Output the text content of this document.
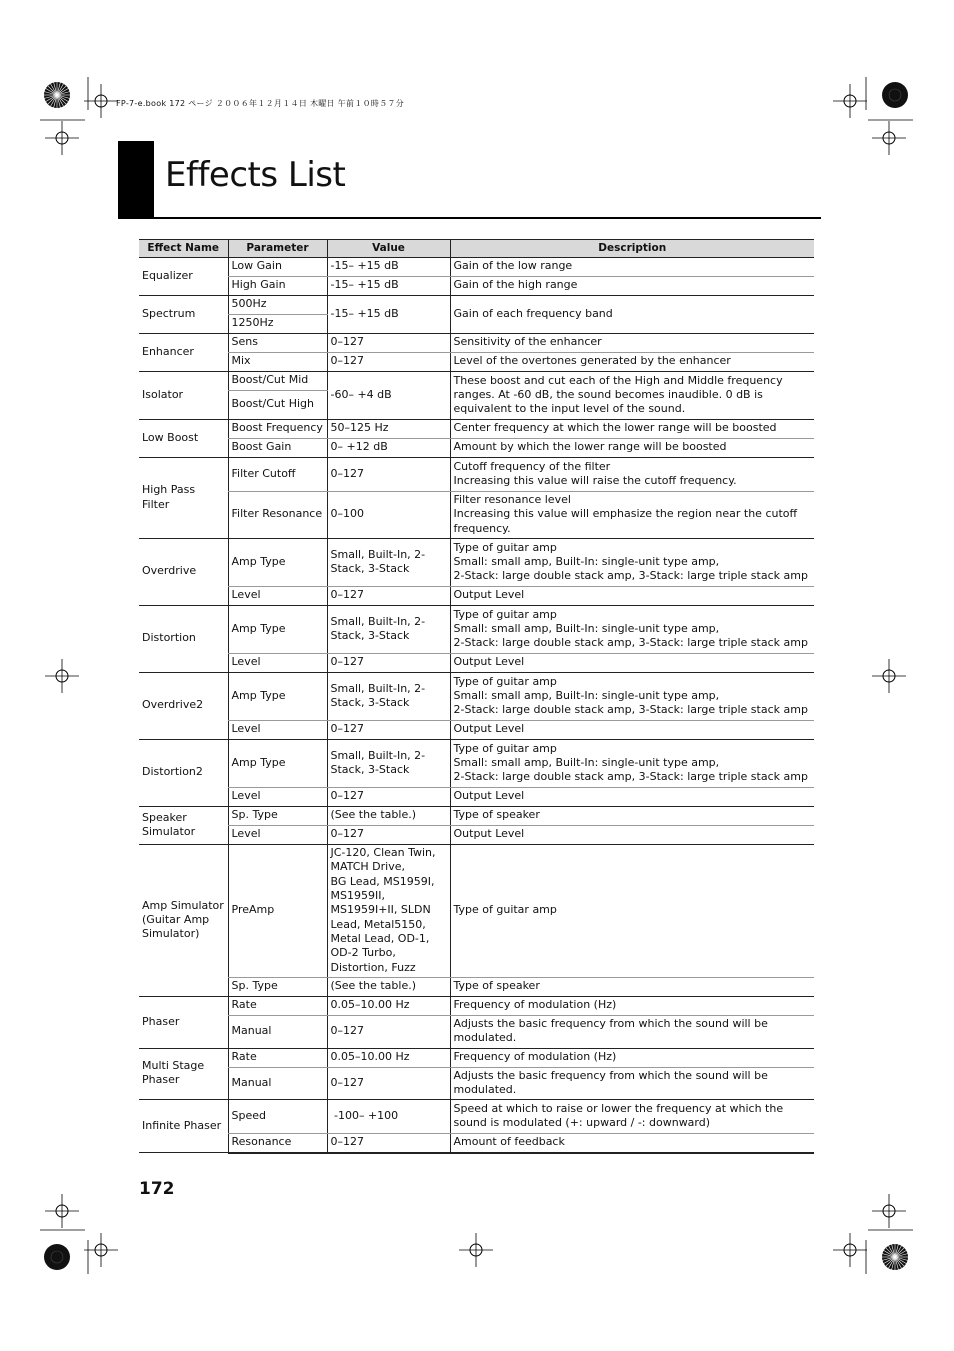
FP-7-e.book 172 ページ ２００６年１２月１４日 木曜日 午前１０時５７分
Effects List
Effect Name	Parameter	Value	Description
Equalizer	Low Gain	-15– +15 dB	Gain of the low range
	High Gain	-15– +15 dB	Gain of the high range
Spectrum	500Hz	-15– +15 dB	Gain of each frequency band
	1250Hz		
Enhancer	Sens	0–127	Sensitivity of the enhancer
	Mix	0–127	Level of the overtones generated by the enhancer
Isolator	Boost/Cut Mid	-60– +4 dB	These boost and cut each of the High and Middle frequency ranges. At -60 dB, the sound becomes inaudible. 0 dB is equivalent to the input level of the sound.
	Boost/Cut High		
Low Boost	Boost Frequency	50–125 Hz	Center frequency at which the lower range will be boosted
	Boost Gain	0– +12 dB	Amount by which the lower range will be boosted
High Pass Filter	Filter Cutoff	0–127	Cutoff frequency of the filter
Increasing this value will raise the cutoff frequency.
	Filter Resonance	0–100	Filter resonance level
Increasing this value will emphasize the region near the cutoff frequency.
Overdrive	Amp Type	Small, Built-In, 2-Stack, 3-Stack	Type of guitar amp
Small: small amp, Built-In: single-unit type amp,
2-Stack: large double stack amp, 3-Stack: large triple stack amp
	Level	0–127	Output Level
Distortion	Amp Type	Small, Built-In, 2-Stack, 3-Stack	Type of guitar amp
Small: small amp, Built-In: single-unit type amp,
2-Stack: large double stack amp, 3-Stack: large triple stack amp
	Level	0–127	Output Level
Overdrive2	Amp Type	Small, Built-In, 2-Stack, 3-Stack	Type of guitar amp
Small: small amp, Built-In: single-unit type amp,
2-Stack: large double stack amp, 3-Stack: large triple stack amp
	Level	0–127	Output Level
Distortion2	Amp Type	Small, Built-In, 2-Stack, 3-Stack	Type of guitar amp
Small: small amp, Built-In: single-unit type amp,
2-Stack: large double stack amp, 3-Stack: large triple stack amp
	Level	0–127	Output Level
Speaker Simulator	Sp. Type	(See the table.)	Type of speaker
	Level	0–127	Output Level
Amp Simulator (Guitar Amp Simulator)	PreAmp	JC-120, Clean Twin, MATCH Drive,
BG Lead, MS1959I, MS1959II,
MS1959I+II, SLDN Lead, Metal5150, Metal Lead, OD-1, OD-2 Turbo, Distortion, Fuzz	Type of guitar amp
	Sp. Type	(See the table.)	Type of speaker
Phaser	Rate	0.05–10.00 Hz	Frequency of modulation (Hz)
	Manual	0–127	Adjusts the basic frequency from which the sound will be modulated.
Multi Stage Phaser	Rate	0.05–10.00 Hz	Frequency of modulation (Hz)
	Manual	0–127	Adjusts the basic frequency from which the sound will be modulated.
Infinite Phaser	Speed	-100– +100	Speed at which to raise or lower the frequency at which the sound is modulated (+: upward / -: downward)
	Resonance	0–127	Amount of feedback
172
